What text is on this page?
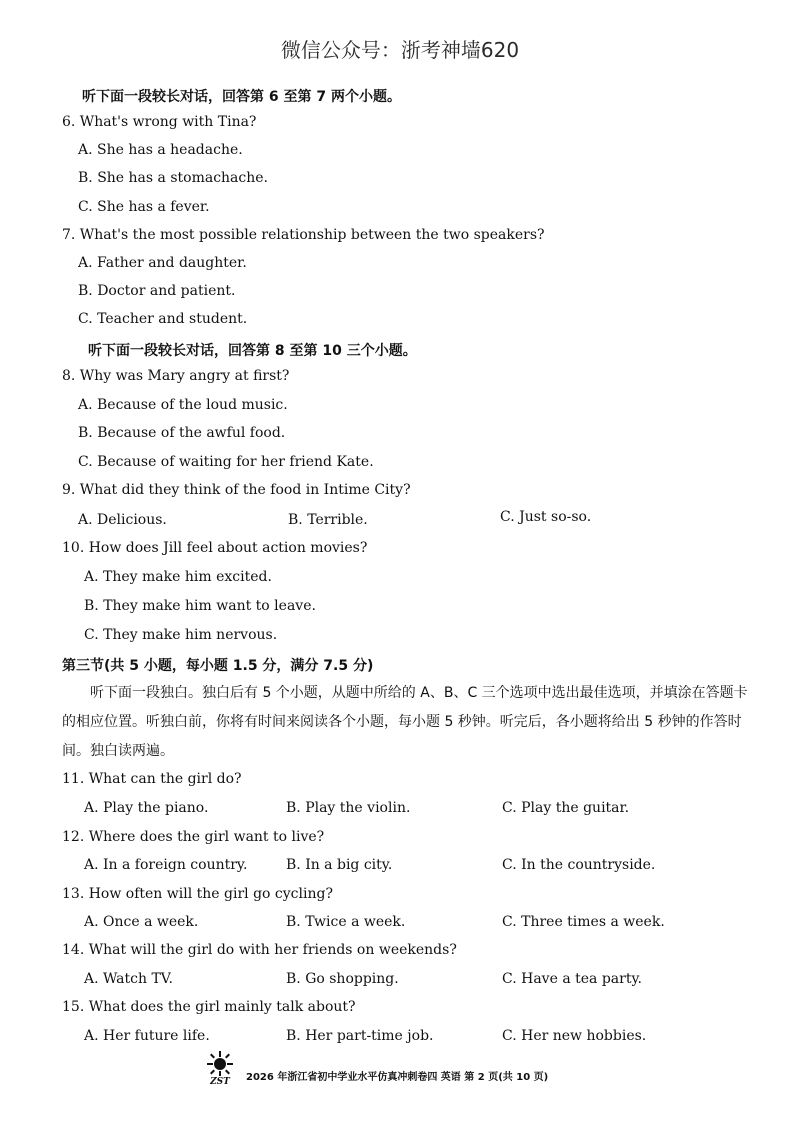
微信公众号：浙考神墙620
听下面一段较长对话，回答第 6 至第 7 两个小题。
6. What's wrong with Tina?
A. She has a headache.
B. She has a stomachache.
C. She has a fever.
7. What's the most possible relationship between the two speakers?
A. Father and daughter.
B. Doctor and patient.
C. Teacher and student.
听下面一段较长对话，回答第 8 至第 10 三个小题。
8. Why was Mary angry at first?
A. Because of the loud music.
B. Because of the awful food.
C. Because of waiting for her friend Kate.
9. What did they think of the food in Intime City?
A. Delicious.	B. Terrible.	C. Just so-so.
10. How does Jill feel about action movies?
A. They make him excited.
B. They make him want to leave.
C. They make him nervous.
第三节(共 5 小题，每小题 1.5 分，满分 7.5 分)
听下面一段独白。独白后有 5 个小题，从题中所给的 A、B、C 三个选项中选出最佳选项，并填涂在答题卡的相应位置。听独白前，你将有时间来阅读各个小题，每小题 5 秒钟。听完后，各小题将给出 5 秒钟的作答时间。独白读两遍。
11. What can the girl do?
A. Play the piano.	B. Play the violin.	C. Play the guitar.
12. Where does the girl want to live?
A. In a foreign country.	B. In a big city.	C. In the countryside.
13. How often will the girl go cycling?
A. Once a week.	B. Twice a week.	C. Three times a week.
14. What will the girl do with her friends on weekends?
A. Watch TV.	B. Go shopping.	C. Have a tea party.
15. What does the girl mainly talk about?
A. Her future life.	B. Her part-time job.	C. Her new hobbies.
ZST 2026 年浙江省初中学业水平仿真冲刺卷四 英语 第 2 页(共 10 页)
